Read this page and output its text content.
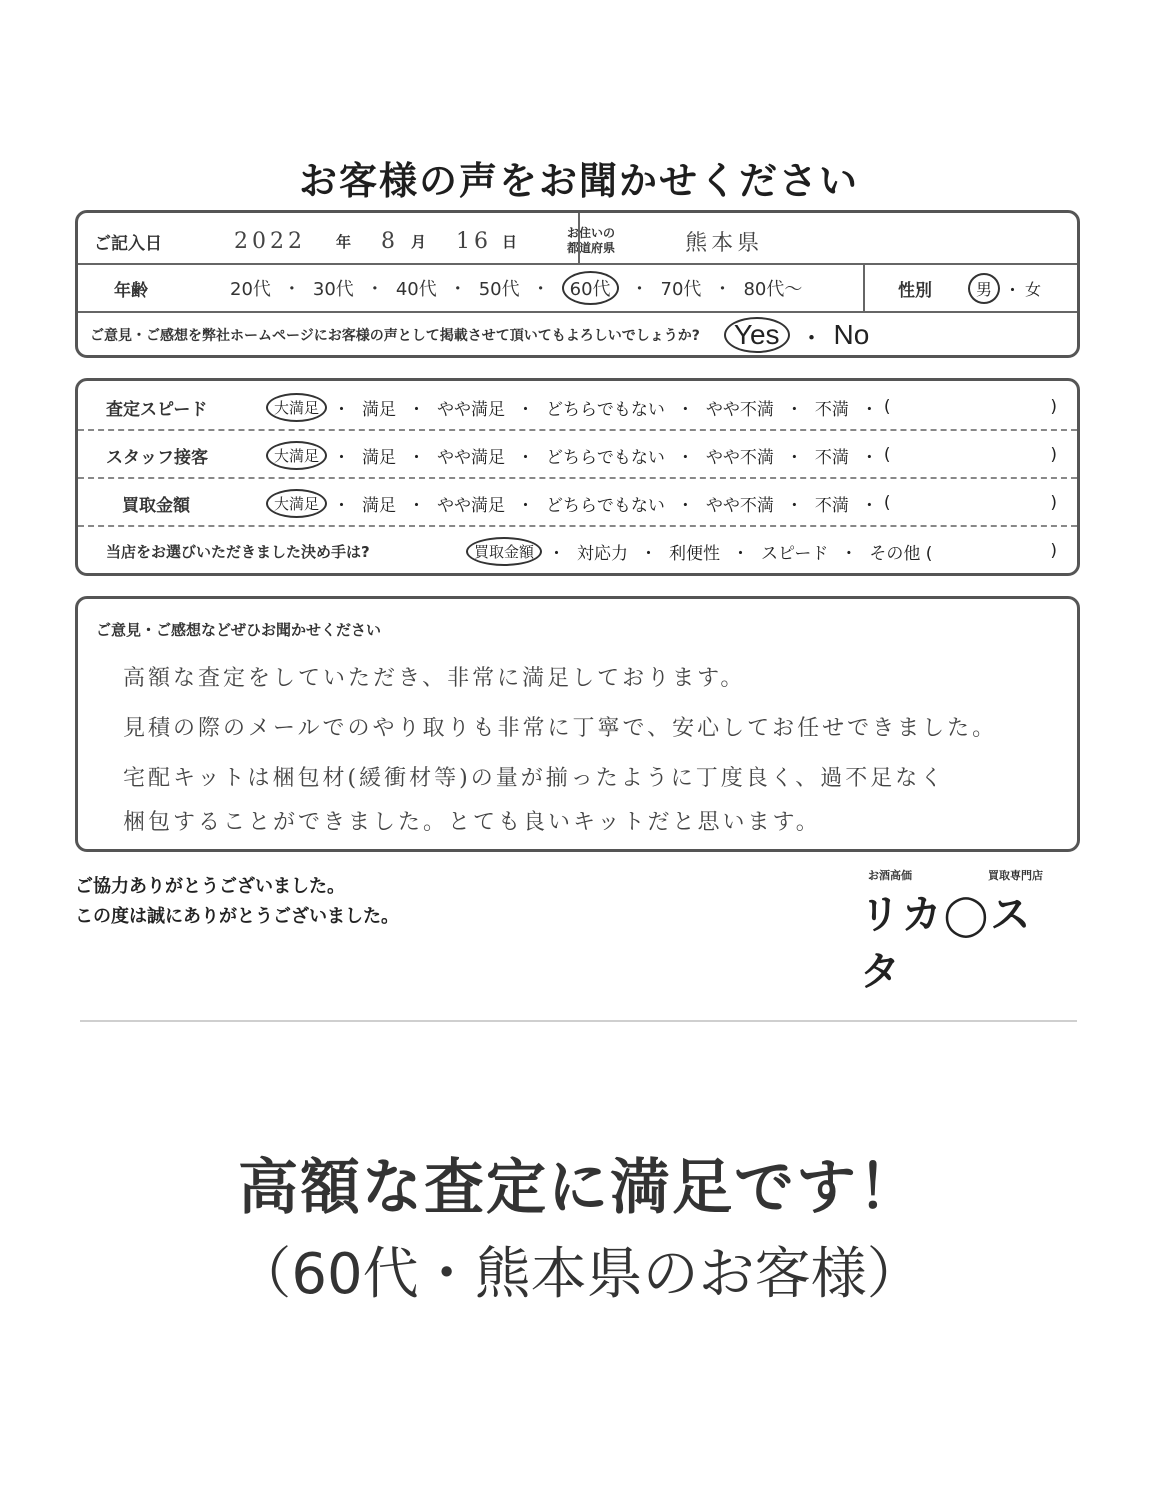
お客様の声をお聞かせください
ご記入日	2022 年 8 月 16 日	お住いの
都道府県	熊本県
年齢	20代 ・ 30代 ・ 40代 ・ 50代 ・	60代	・ 70代 ・ 80代〜	性別	男 ・ 女
ご意見・ご感想を弊社ホームページにお客様の声として掲載させて頂いてもよろしいでしょうか?	Yes ・ No
査定スピード	大満足 ・ 満足 ・ やや満足 ・ どちらでもない ・ やや不満 ・ 不満 ・ (	)
スタッフ接客	大満足 ・ 満足 ・ やや満足 ・ どちらでもない ・ やや不満 ・ 不満 ・ (	)
買取金額	大満足 ・ 満足 ・ やや満足 ・ どちらでもない ・ やや不満 ・ 不満 ・ (	)
当店をお選びいただきました決め手は?	買取金額 ・ 対応力 ・ 利便性 ・ スピード ・ その他 (	)
ご意見・ご感想などぜひお聞かせください
高額な査定をしていただき、非常に満足しております。
見積の際のメールでのやり取りも非常に丁寧で、安心してお任せできました。
宅配キットは梱包材(緩衝材等)の量が揃ったように丁度良く、過不足なく
梱包することができました。とても良いキットだと思います。
ご協力ありがとうございました。
この度は誠にありがとうございました。
お酒高価	買取専門店
リカ◯スタ
高額な査定に満足です！
（60代・熊本県のお客様）
